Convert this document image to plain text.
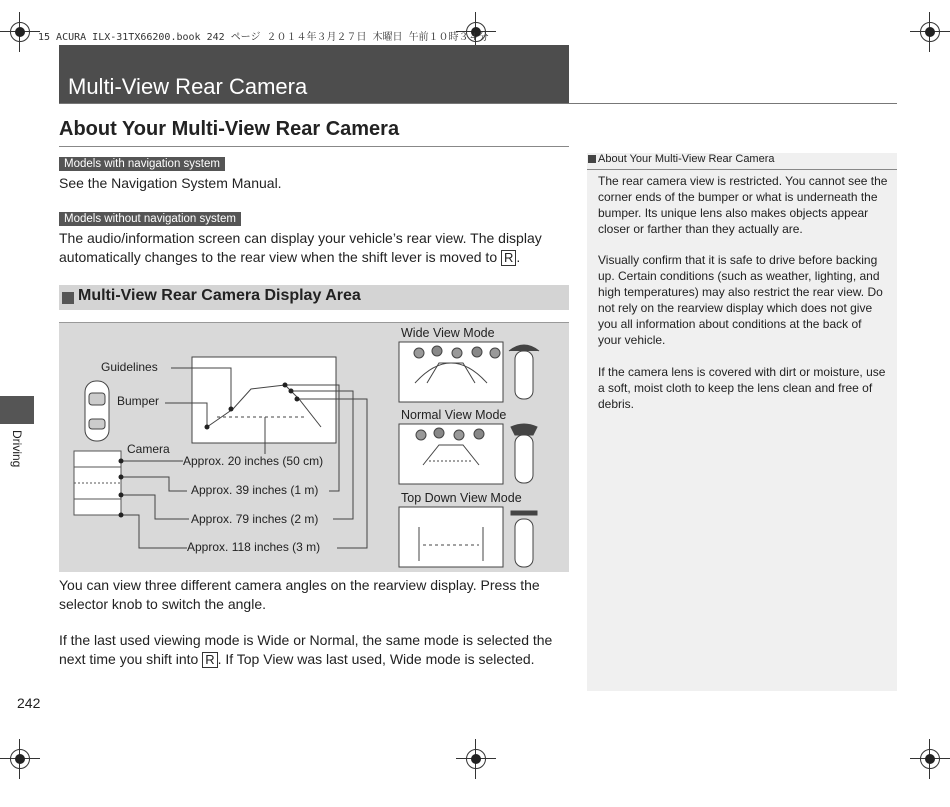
15 ACURA ILX-31TX66200.book 242 ページ ２０１４年３月２７日 木曜日 午前１０時３４分
Multi-View Rear Camera
About Your Multi-View Rear Camera
Models with navigation system
See the Navigation System Manual.
Models without navigation system
The audio/information screen can display your vehicle’s rear view. The display automatically changes to the rear view when the shift lever is moved to R .
Multi-View Rear Camera Display Area
Guidelines
Bumper
Camera
Approx. 20 inches (50 cm)
Approx. 39 inches (1 m)
Approx. 79 inches (2 m)
Approx. 118 inches (3 m)
Wide View Mode
Normal View Mode
Top Down View Mode
You can view three different camera angles on the rearview display. Press the selector knob to switch the angle.
If the last used viewing mode is Wide or Normal, the same mode is selected the next time you shift into R . If Top View was last used, Wide mode is selected.
About Your Multi-View Rear Camera
The rear camera view is restricted. You cannot see the corner ends of the bumper or what is underneath the bumper. Its unique lens also makes objects appear closer or farther than they actually are.
Visually confirm that it is safe to drive before backing up. Certain conditions (such as weather, lighting, and high temperatures) may also restrict the rear view. Do not rely on the rearview display which does not give you all information about conditions at the back of your vehicle.
If the camera lens is covered with dirt or moisture, use a soft, moist cloth to keep the lens clean and free of debris.
Driving
242
